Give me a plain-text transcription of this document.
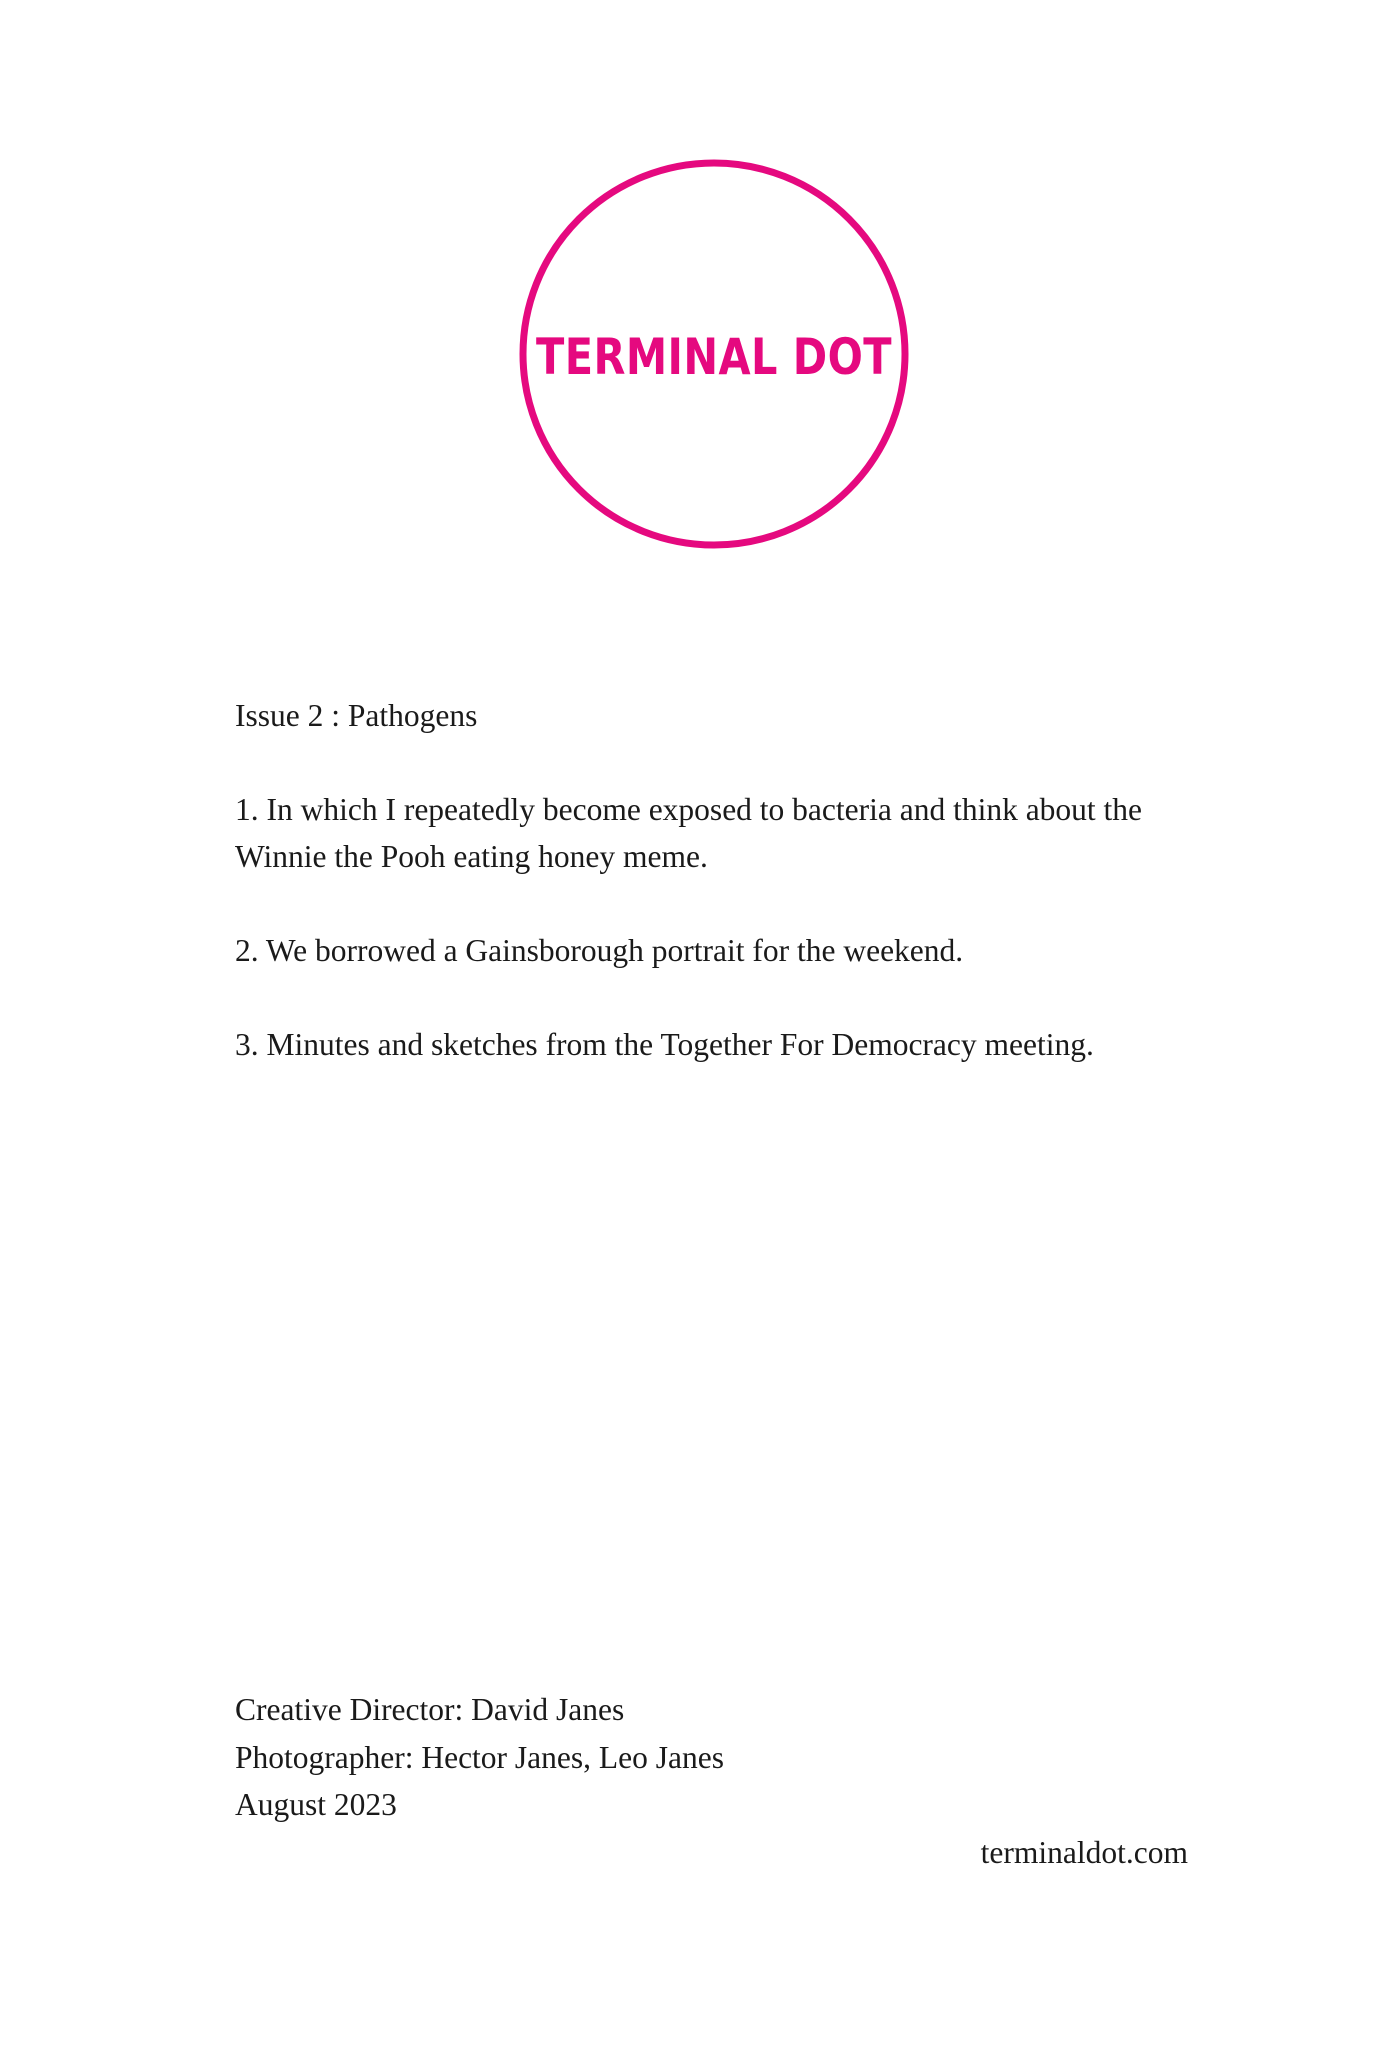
TERMINAL DOT
Issue 2 : Pathogens
1. In which I repeatedly become exposed to bacteria and think about the Winnie the Pooh eating honey meme.
2. We borrowed a Gainsborough portrait for the weekend.
3. Minutes and sketches from the Together For Democracy meeting.
Creative Director: David Janes
Photographer: Hector Janes, Leo Janes
August 2023
terminaldot.com
